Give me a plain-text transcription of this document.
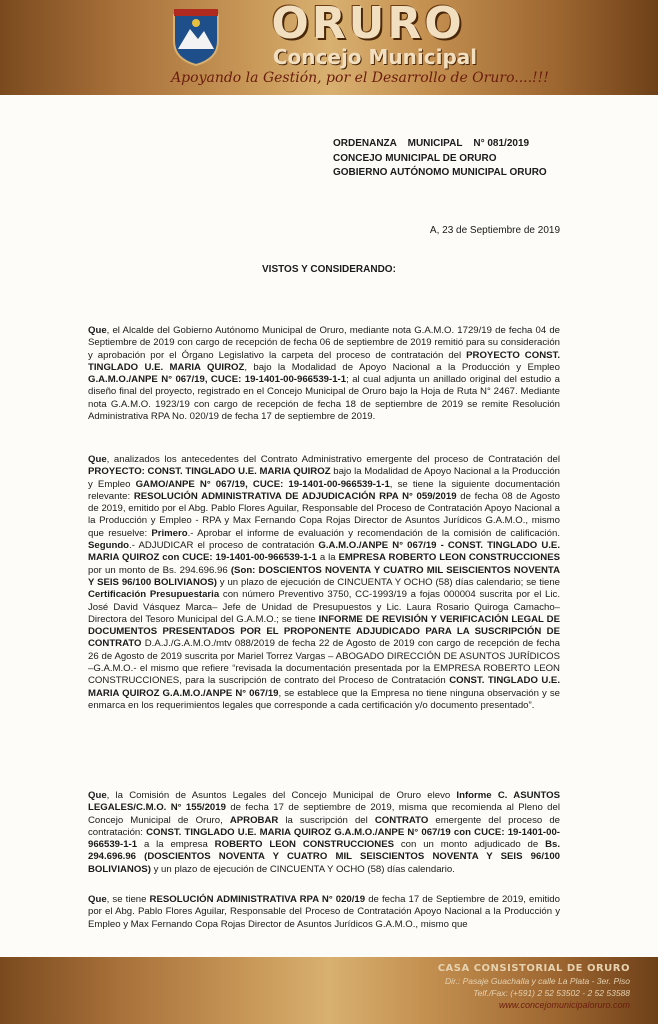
ORURO
Concejo Municipal
Apoyando la Gestión, por el Desarrollo de Oruro....!!!
ORDENANZA    MUNICIPAL    N° 081/2019
CONCEJO MUNICIPAL DE ORURO
GOBIERNO AUTÓNOMO MUNICIPAL ORURO
A, 23 de Septiembre de 2019
VISTOS Y CONSIDERANDO:
Que, el Alcalde del Gobierno Autónomo Municipal de Oruro, mediante nota G.A.M.O. 1729/19 de fecha 04 de Septiembre de 2019 con cargo de recepción de fecha 06 de septiembre de 2019 remitió para su consideración y aprobación por el Órgano Legislativo la carpeta del proceso de contratación del PROYECTO CONST. TINGLADO U.E. MARIA QUIROZ, bajo la Modalidad de Apoyo Nacional a la Producción y Empleo G.A.M.O./ANPE N° 067/19, CUCE: 19-1401-00-966539-1-1; al cual adjunta un anillado original del estudio a diseño final del proyecto, registrado en el Concejo Municipal de Oruro bajo la Hoja de Ruta N° 2467. Mediante nota G.A.M.O. 1923/19 con cargo de recepción de fecha 18 de septiembre de 2019 se remite Resolución Administrativa RPA No. 020/19 de fecha 17 de septiembre de 2019.
Que, analizados los antecedentes del Contrato Administrativo emergente del proceso de Contratación del PROYECTO: CONST. TINGLADO U.E. MARIA QUIROZ bajo la Modalidad de Apoyo Nacional a la Producción y Empleo GAMO/ANPE N° 067/19, CUCE: 19-1401-00-966539-1-1, se tiene la siguiente documentación relevante: RESOLUCIÓN ADMINISTRATIVA DE ADJUDICACIÓN RPA N° 059/2019 de fecha 08 de Agosto de 2019, emitido por el Abg. Pablo Flores Aguilar, Responsable del Proceso de Contratación Apoyo Nacional a la Producción y Empleo - RPA y Max Fernando Copa Rojas Director de Asuntos Jurídicos G.A.M.O., mismo que resuelve: Primero.- Aprobar el informe de evaluación y recomendación de la comisión de calificación. Segundo.- ADJUDICAR el proceso de contratación G.A.M.O./ANPE N° 067/19 - CONST. TINGLADO U.E. MARIA QUIROZ con CUCE: 19-1401-00-966539-1-1 a la EMPRESA ROBERTO LEON CONSTRUCCIONES por un monto de Bs. 294.696.96 (Son: DOSCIENTOS NOVENTA Y CUATRO MIL SEISCIENTOS NOVENTA Y SEIS 96/100 BOLIVIANOS) y un plazo de ejecución de CINCUENTA Y OCHO (58) días calendario; se tiene Certificación Presupuestaria con número Preventivo 3750, CC-1993/19 a fojas 000004 suscrita por el Lic. José David Vásquez Marca– Jefe de Unidad de Presupuestos y Lic. Laura Rosario Quiroga Camacho–Directora del Tesoro Municipal del G.A.M.O.; se tiene INFORME DE REVISIÓN Y VERIFICACIÓN LEGAL DE DOCUMENTOS PRESENTADOS POR EL PROPONENTE ADJUDICADO PARA LA SUSCRIPCIÓN DE CONTRATO D.A.J./G.A.M.O./mtv 088/2019 de fecha 22 de Agosto de 2019 con cargo de recepción de fecha 26 de Agosto de 2019 suscrita por Mariel Torrez Vargas – ABOGADO DIRECCIÓN DE ASUNTOS JURÍDICOS –G.A.M.O.- el mismo que refiere “revisada la documentación presentada por la EMPRESA ROBERTO LEON CONSTRUCCIONES, para la suscripción de contrato del Proceso de Contratación CONST. TINGLADO U.E. MARIA QUIROZ G.A.M.O./ANPE N° 067/19, se establece que la Empresa no tiene ninguna observación y se enmarca en los requerimientos legales que corresponde a cada certificación y/o documento presentado”.
Que, la Comisión de Asuntos Legales del Concejo Municipal de Oruro elevo Informe C. ASUNTOS LEGALES/C.M.O. N° 155/2019 de fecha 17 de septiembre de 2019, misma que recomienda al Pleno del Concejo Municipal de Oruro, APROBAR la suscripción del CONTRATO emergente del proceso de contratación: CONST. TINGLADO U.E. MARIA QUIROZ G.A.M.O./ANPE N° 067/19 con CUCE: 19-1401-00-966539-1-1 a la empresa ROBERTO LEON CONSTRUCCIONES con un monto adjudicado de Bs. 294.696.96 (DOSCIENTOS NOVENTA Y CUATRO MIL SEISCIENTOS NOVENTA Y SEIS 96/100 BOLIVIANOS) y un plazo de ejecución de CINCUENTA Y OCHO (58) días calendario.
Que, se tiene RESOLUCIÓN ADMINISTRATIVA RPA N° 020/19 de fecha 17 de Septiembre de 2019, emitido por el Abg. Pablo Flores Aguilar, Responsable del Proceso de Contratación Apoyo Nacional a la Producción y Empleo y Max Fernando Copa Rojas Director de Asuntos Jurídicos G.A.M.O., mismo que
CASA CONSISTORIAL DE ORURO
Dir.: Pasaje Guachalla y calle La Plata - 3er. Piso
Telf./Fax: (+591) 2 52 53502 - 2 52 53588
www.concejomunicipaloruro.com
